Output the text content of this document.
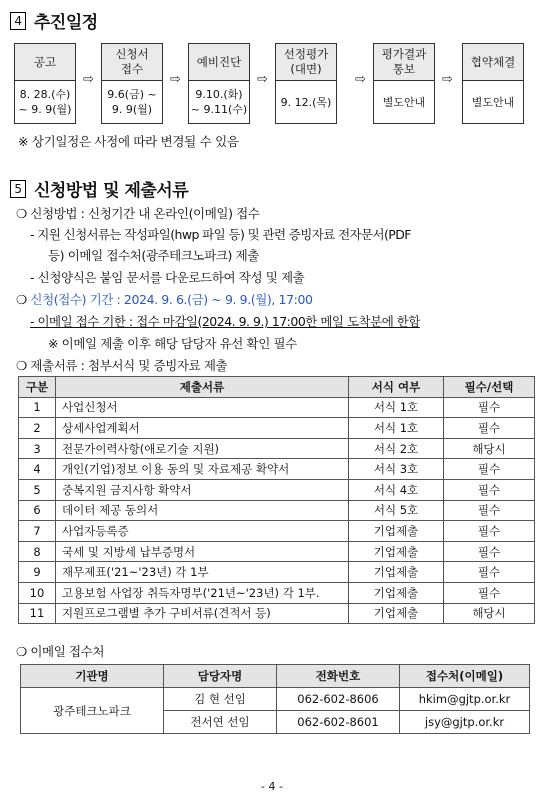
4 추진일정
공고
8. 28.(수)
~ 9. 9(월)
⇨
신청서
접수
9.6(금) ~
9. 9(월)
⇨
예비진단
9.10.(화)
~ 9.11(수)
⇨
선정평가
(대면)
9. 12.(목)
⇨
평가결과
통보
별도안내
⇨
협약체결
별도안내
※ 상기일정은 사정에 따라 변경될 수 있음
5 신청방법 및 제출서류
❍ 신청방법 : 신청기간 내 온라인(이메일) 접수
- 지원 신청서류는 작성파일(hwp 파일 등) 및 관련 증빙자료 전자문서(PDF
등) 이메일 접수처(광주테크노파크) 제출
- 신청양식은 붙임 문서를 다운로드하여 작성 및 제출
❍ 신청(접수) 기간 : 2024. 9. 6.(금) ~ 9. 9.(월), 17:00
- 이메일 접수 기한 : 접수 마감일(2024. 9. 9.) 17:00한 메일 도착분에 한함
※ 이메일 제출 이후 해당 담당자 유선 확인 필수
❍ 제출서류 : 첨부서식 및 증빙자료 제출
구분	제출서류	서식 여부	필수/선택
1	사업신청서	서식 1호	필수
2	상세사업계획서	서식 1호	필수
3	전문가이력사항(애로기술 지원)	서식 2호	해당시
4	개인(기업)정보 이용 동의 및 자료제공 확약서	서식 3호	필수
5	중복지원 금지사항 확약서	서식 4호	필수
6	데이터 제공 동의서	서식 5호	필수
7	사업자등록증	기업제출	필수
8	국세 및 지방세 납부증명서	기업제출	필수
9	재무제표('21~'23년) 각 1부	기업제출	필수
10	고용보험 사업장 취득자명부('21년~'23년) 각 1부.	기업제출	필수
11	지원프로그램별 추가 구비서류(견적서 등)	기업제출	해당시
❍ 이메일 접수처
기관명	담당자명	전화번호	접수처(이메일)
광주테크노파크	김 현 선임	062-602-8606	hkim@gjtp.or.kr
	전서연 선임	062-602-8601	jsy@gjtp.or.kr
- 4 -
